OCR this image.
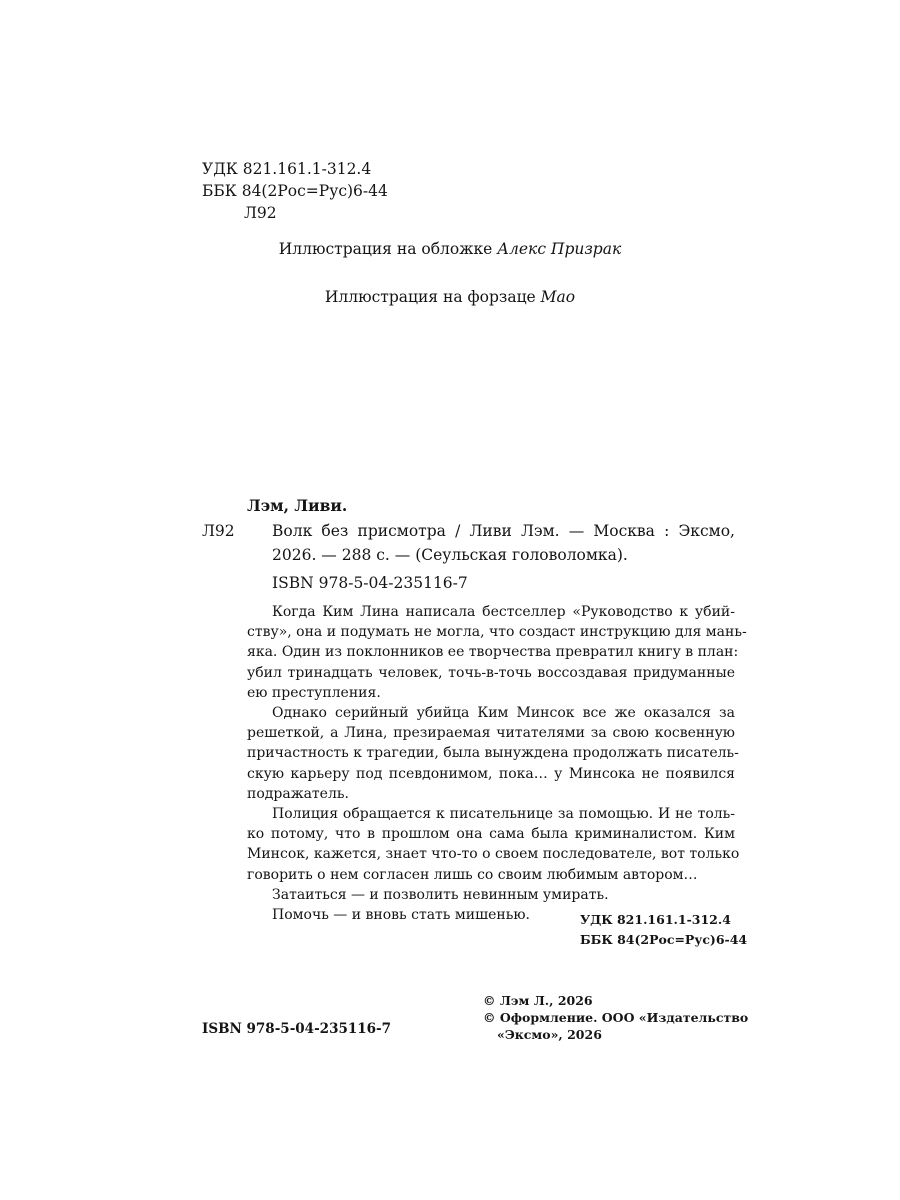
УДК 821.161.1-312.4
ББК 84(2Рос=Рус)6-44
Л92
Иллюстрация на обложке Алекс Призрак
Иллюстрация на форзаце Мао
Лэм, Ливи.
Л92 Волк без присмотра / Ливи Лэм. — Москва : Эксмо,
2026. — 288 с. — (Сеульская головоломка).
ISBN 978-5-04-235116-7
Когда Ким Лина написала бестселлер «Руководство к убий-
ству», она и подумать не могла, что создаст инструкцию для мань-
яка. Один из поклонников ее творчества превратил книгу в план:
убил тринадцать человек, точь-в-точь воссоздавая придуманные
ею преступления.
Однако серийный убийца Ким Минсок все же оказался за
решеткой, а Лина, презираемая читателями за свою косвенную
причастность к трагедии, была вынуждена продолжать писатель-
скую карьеру под псевдонимом, пока… у Минсока не появился
подражатель.
Полиция обращается к писательнице за помощью. И не толь-
ко потому, что в прошлом она сама была криминалистом. Ким
Минсок, кажется, знает что-то о своем последователе, вот только
говорить о нем согласен лишь со своим любимым автором…
Затаиться — и позволить невинным умирать.
Помочь — и вновь стать мишенью.	УДК 821.161.1-312.4
ББК 84(2Рос=Рус)6-44
© Лэм Л., 2026
© Оформление. ООО «Издательство
«Эксмо», 2026
ISBN 978-5-04-235116-7
